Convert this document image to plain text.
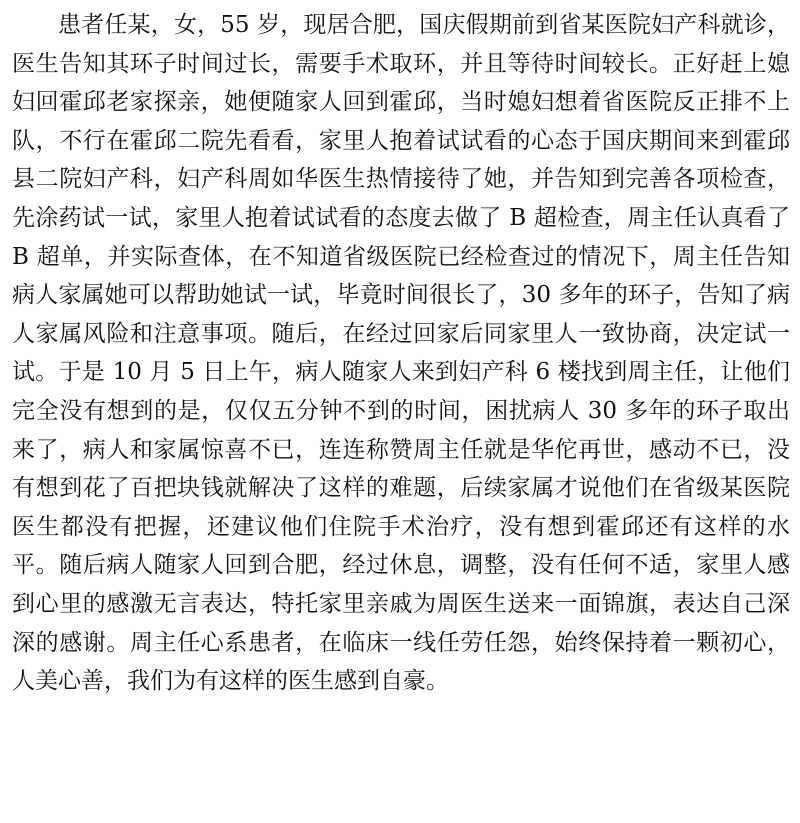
患者任某，女，55 岁，现居合肥，国庆假期前到省某医院妇产科就诊，医生告知其环子时间过长，需要手术取环，并且等待时间较长。正好赶上媳妇回霍邱老家探亲，她便随家人回到霍邱，当时媳妇想着省医院反正排不上队，不行在霍邱二院先看看，家里人抱着试试看的心态于国庆期间来到霍邱县二院妇产科，妇产科周如华医生热情接待了她，并告知到完善各项检查，先涂药试一试，家里人抱着试试看的态度去做了 B 超检查，周主任认真看了 B 超单，并实际查体，在不知道省级医院已经检查过的情况下，周主任告知病人家属她可以帮助她试一试，毕竟时间很长了，30 多年的环子，告知了病人家属风险和注意事项。随后，在经过回家后同家里人一致协商，决定试一试。于是 10 月 5 日上午，病人随家人来到妇产科 6 楼找到周主任，让他们完全没有想到的是，仅仅五分钟不到的时间，困扰病人 30 多年的环子取出来了，病人和家属惊喜不已，连连称赞周主任就是华佗再世，感动不已，没有想到花了百把块钱就解决了这样的难题，后续家属才说他们在省级某医院医生都没有把握，还建议他们住院手术治疗，没有想到霍邱还有这样的水平。随后病人随家人回到合肥，经过休息，调整，没有任何不适，家里人感到心里的感激无言表达，特托家里亲戚为周医生送来一面锦旗，表达自己深深的感谢。周主任心系患者，在临床一线任劳任怨，始终保持着一颗初心，人美心善，我们为有这样的医生感到自豪。
